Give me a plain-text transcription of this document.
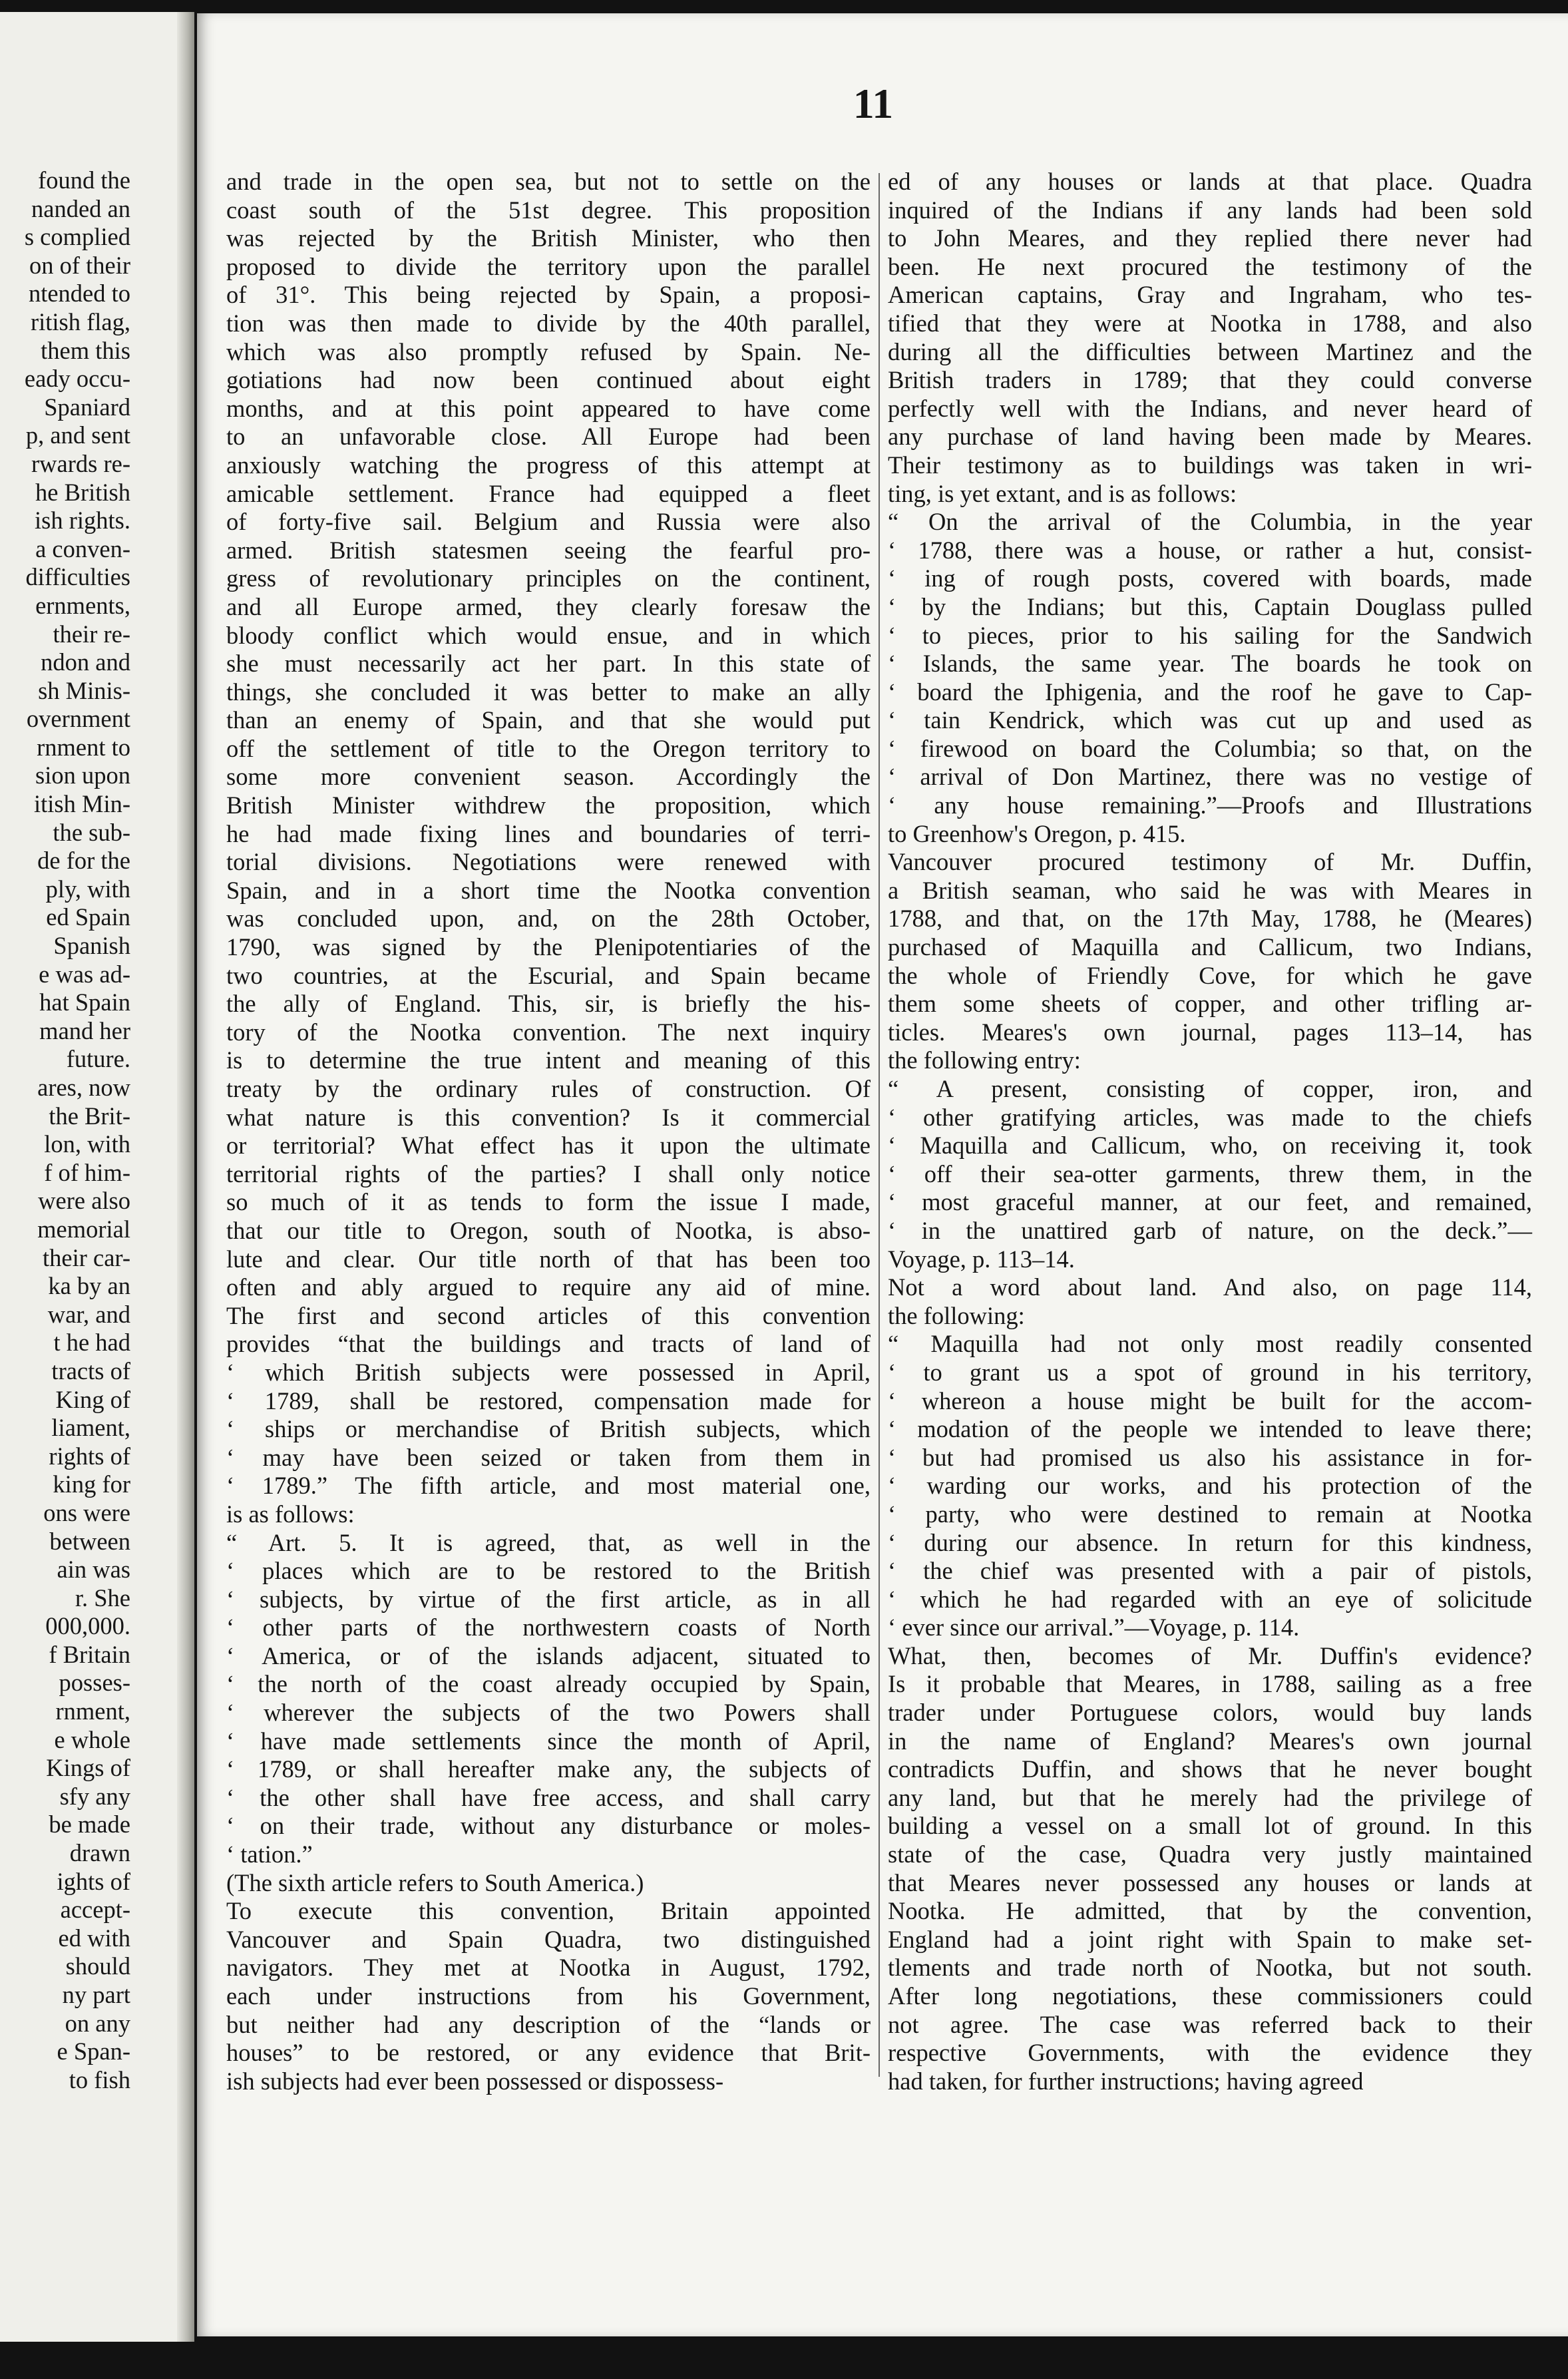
found the
nanded an
s complied
on of their
ntended to
ritish flag,
them this
eady occu-
Spaniard
p, and sent
rwards re-
he British
ish rights.
a conven-
difficulties
ernments,
their re-
ndon and
sh Minis-
overnment
rnment to
sion upon
itish Min-
the sub-
de for the
ply, with
ed Spain
Spanish
e was ad-
hat Spain
mand her
future.
ares, now
the Brit-
lon, with
f of him-
were also
memorial
their car-
ka by an
war, and
t he had
tracts of
King of
liament,
rights of
king for
ons were
between
ain was
r. She
000,000.
f Britain
posses-
rnment,
e whole
Kings of
sfy any
be made
drawn
ights of
accept-
ed with
should
ny part
on any
e Span-
to fish
11
and trade in the open sea, but not to settle on the
coast south of the 51st degree. This proposition
was rejected by the British Minister, who then
proposed to divide the territory upon the parallel
of 31°. This being rejected by Spain, a proposi-
tion was then made to divide by the 40th parallel,
which was also promptly refused by Spain. Ne-
gotiations had now been continued about eight
months, and at this point appeared to have come
to an unfavorable close. All Europe had been
anxiously watching the progress of this attempt at
amicable settlement. France had equipped a fleet
of forty-five sail. Belgium and Russia were also
armed. British statesmen seeing the fearful pro-
gress of revolutionary principles on the continent,
and all Europe armed, they clearly foresaw the
bloody conflict which would ensue, and in which
she must necessarily act her part. In this state of
things, she concluded it was better to make an ally
than an enemy of Spain, and that she would put
off the settlement of title to the Oregon territory to
some more convenient season. Accordingly the
British Minister withdrew the proposition, which
he had made fixing lines and boundaries of terri-
torial divisions. Negotiations were renewed with
Spain, and in a short time the Nootka convention
was concluded upon, and, on the 28th October,
1790, was signed by the Plenipotentiaries of the
two countries, at the Escurial, and Spain became
the ally of England. This, sir, is briefly the his-
tory of the Nootka convention. The next inquiry
is to determine the true intent and meaning of this
treaty by the ordinary rules of construction. Of
what nature is this convention? Is it commercial
or territorial? What effect has it upon the ultimate
territorial rights of the parties? I shall only notice
so much of it as tends to form the issue I made,
that our title to Oregon, south of Nootka, is abso-
lute and clear. Our title north of that has been too
often and ably argued to require any aid of mine.
The first and second articles of this convention
provides “that the buildings and tracts of land of
‘ which British subjects were possessed in April,
‘ 1789, shall be restored, compensation made for
‘ ships or merchandise of British subjects, which
‘ may have been seized or taken from them in
‘ 1789.” The fifth article, and most material one,
is as follows:
“ Art. 5. It is agreed, that, as well in the
‘ places which are to be restored to the British
‘ subjects, by virtue of the first article, as in all
‘ other parts of the northwestern coasts of North
‘ America, or of the islands adjacent, situated to
‘ the north of the coast already occupied by Spain,
‘ wherever the subjects of the two Powers shall
‘ have made settlements since the month of April,
‘ 1789, or shall hereafter make any, the subjects of
‘ the other shall have free access, and shall carry
‘ on their trade, without any disturbance or moles-
‘ tation.”
(The sixth article refers to South America.)
To execute this convention, Britain appointed
Vancouver and Spain Quadra, two distinguished
navigators. They met at Nootka in August, 1792,
each under instructions from his Government,
but neither had any description of the “lands or
houses” to be restored, or any evidence that Brit-
ish subjects had ever been possessed or dispossess-
ed of any houses or lands at that place. Quadra
inquired of the Indians if any lands had been sold
to John Meares, and they replied there never had
been. He next procured the testimony of the
American captains, Gray and Ingraham, who tes-
tified that they were at Nootka in 1788, and also
during all the difficulties between Martinez and the
British traders in 1789; that they could converse
perfectly well with the Indians, and never heard of
any purchase of land having been made by Meares.
Their testimony as to buildings was taken in wri-
ting, is yet extant, and is as follows:
“ On the arrival of the Columbia, in the year
‘ 1788, there was a house, or rather a hut, consist-
‘ ing of rough posts, covered with boards, made
‘ by the Indians; but this, Captain Douglass pulled
‘ to pieces, prior to his sailing for the Sandwich
‘ Islands, the same year. The boards he took on
‘ board the Iphigenia, and the roof he gave to Cap-
‘ tain Kendrick, which was cut up and used as
‘ firewood on board the Columbia; so that, on the
‘ arrival of Don Martinez, there was no vestige of
‘ any house remaining.”—Proofs and Illustrations
to Greenhow's Oregon, p. 415.
Vancouver procured testimony of Mr. Duffin,
a British seaman, who said he was with Meares in
1788, and that, on the 17th May, 1788, he (Meares)
purchased of Maquilla and Callicum, two Indians,
the whole of Friendly Cove, for which he gave
them some sheets of copper, and other trifling ar-
ticles. Meares's own journal, pages 113–14, has
the following entry:
“ A present, consisting of copper, iron, and
‘ other gratifying articles, was made to the chiefs
‘ Maquilla and Callicum, who, on receiving it, took
‘ off their sea-otter garments, threw them, in the
‘ most graceful manner, at our feet, and remained,
‘ in the unattired garb of nature, on the deck.”—
Voyage, p. 113–14.
Not a word about land. And also, on page 114,
the following:
“ Maquilla had not only most readily consented
‘ to grant us a spot of ground in his territory,
‘ whereon a house might be built for the accom-
‘ modation of the people we intended to leave there;
‘ but had promised us also his assistance in for-
‘ warding our works, and his protection of the
‘ party, who were destined to remain at Nootka
‘ during our absence. In return for this kindness,
‘ the chief was presented with a pair of pistols,
‘ which he had regarded with an eye of solicitude
‘ ever since our arrival.”—Voyage, p. 114.
What, then, becomes of Mr. Duffin's evidence?
Is it probable that Meares, in 1788, sailing as a free
trader under Portuguese colors, would buy lands
in the name of England? Meares's own journal
contradicts Duffin, and shows that he never bought
any land, but that he merely had the privilege of
building a vessel on a small lot of ground. In this
state of the case, Quadra very justly maintained
that Meares never possessed any houses or lands at
Nootka. He admitted, that by the convention,
England had a joint right with Spain to make set-
tlements and trade north of Nootka, but not south.
After long negotiations, these commissioners could
not agree. The case was referred back to their
respective Governments, with the evidence they
had taken, for further instructions; having agreed
